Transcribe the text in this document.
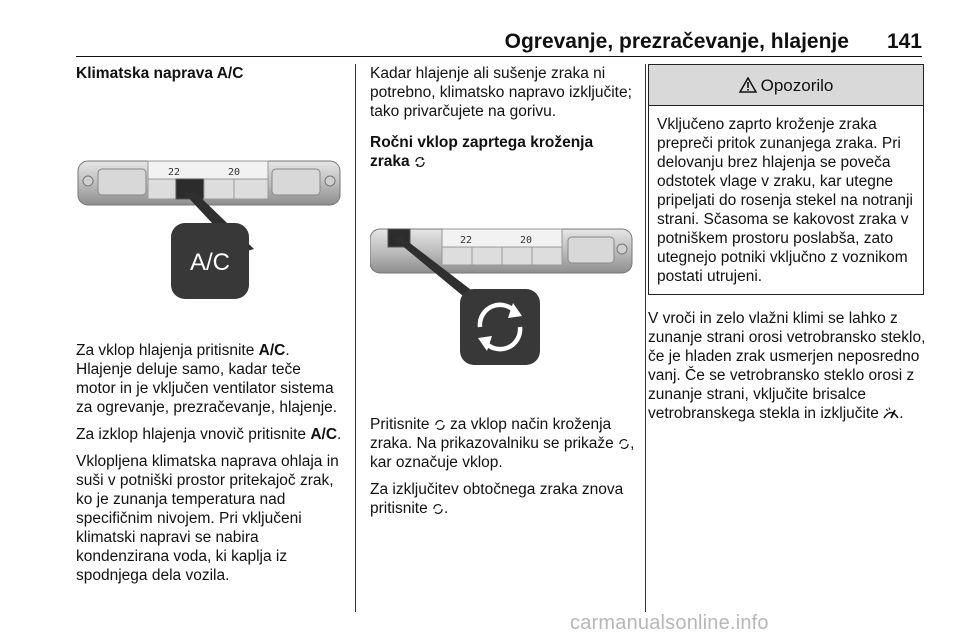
Ogrevanje, prezračevanje, hlajenje 141
Klimatska naprava A/C
22	20
A/C

Za vklop hlajenja pritisnite A/C. Hlajenje deluje samo, kadar teče motor in je vključen ventilator sistema za ogrevanje, prezračevanje, hlajenje.

Za izklop hlajenja vnovič pritisnite A/C.

Vklopljena klimatska naprava ohlaja in suši v potniški prostor pritekajoč zrak, ko je zunanja temperatura nad specifičnim nivojem. Pri vključeni klimatski napravi se nabira kondenzirana voda, ki kaplja iz spodnjega dela vozila.

Kadar hlajenje ali sušenje zraka ni potrebno, klimatsko napravo izključite; tako privarčujete na gorivu.

Ročni vklop zaprtega kroženja zraka
22	20

Pritisnite  za vklop način kroženja zraka. Na prikazovalniku se prikaže , kar označuje vklop.

Za izključitev obtočnega zraka znova pritisnite .

Opozorilo
Vključeno zaprto kroženje zraka prepreči pritok zunanjega zraka. Pri delovanju brez hlajenja se poveča odstotek vlage v zraku, kar utegne pripeljati do rosenja stekel na notranji strani. Sčasoma se kakovost zraka v potniškem prostoru poslabša, zato utegnejo potniki vključno z voznikom postati utrujeni.

V vroči in zelo vlažni klimi se lahko z zunanje strani orosi vetrobransko steklo, če je hladen zrak usmerjen neposredno vanj. Če se vetrobransko steklo orosi z zunanje strani, vključite brisalce vetrobranskega stekla in izključite .

carmanualsonline.info
